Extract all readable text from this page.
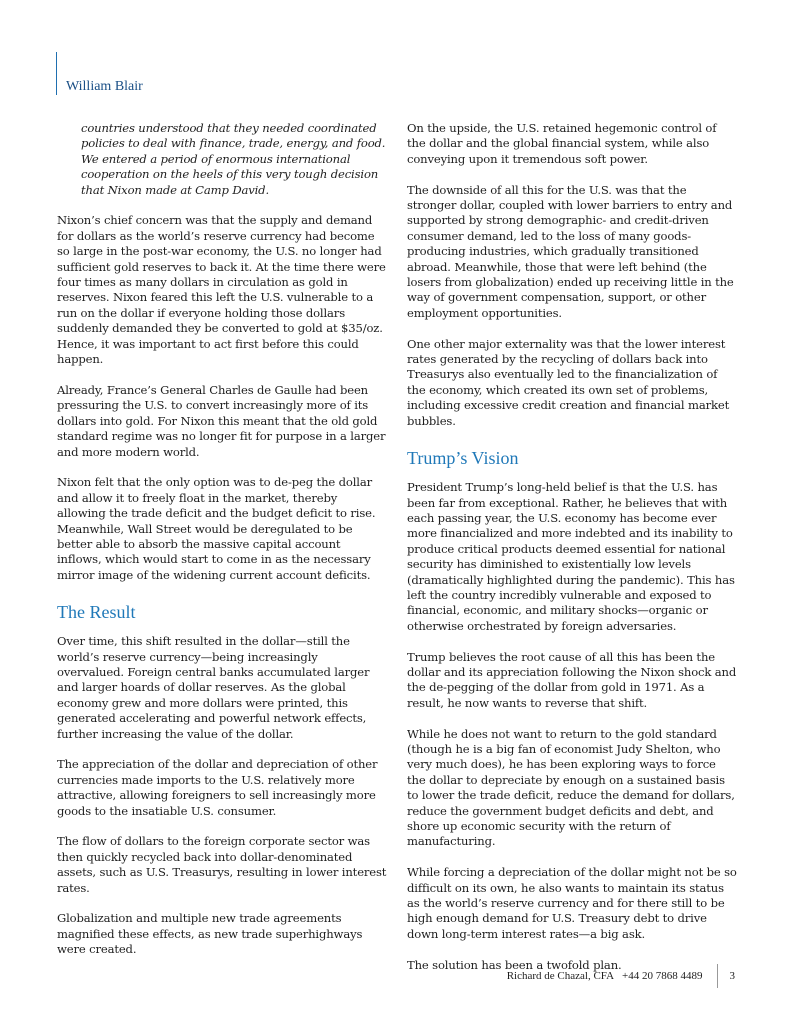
William Blair
countries understood that they needed coordinated policies to deal with finance, trade, energy, and food. We entered a period of enormous international cooperation on the heels of this very tough decision that Nixon made at Camp David.
Nixon’s chief concern was that the supply and demand for dollars as the world’s reserve currency had become so large in the post-war economy, the U.S. no longer had sufficient gold reserves to back it. At the time there were four times as many dollars in circulation as gold in reserves. Nixon feared this left the U.S. vulnerable to a run on the dollar if everyone holding those dollars suddenly demanded they be converted to gold at $35/oz. Hence, it was important to act first before this could happen.
Already, France’s General Charles de Gaulle had been pressuring the U.S. to convert increasingly more of its dollars into gold. For Nixon this meant that the old gold standard regime was no longer fit for purpose in a larger and more modern world.
Nixon felt that the only option was to de-peg the dollar and allow it to freely float in the market, thereby allowing the trade deficit and the budget deficit to rise. Meanwhile, Wall Street would be deregulated to be better able to absorb the massive capital account inflows, which would start to come in as the necessary mirror image of the widening current account deficits.
The Result
Over time, this shift resulted in the dollar—still the world’s reserve currency—being increasingly overvalued. Foreign central banks accumulated larger and larger hoards of dollar reserves. As the global economy grew and more dollars were printed, this generated accelerating and powerful network effects, further increasing the value of the dollar.
The appreciation of the dollar and depreciation of other currencies made imports to the U.S. relatively more attractive, allowing foreigners to sell increasingly more goods to the insatiable U.S. consumer.
The flow of dollars to the foreign corporate sector was then quickly recycled back into dollar-denominated assets, such as U.S. Treasurys, resulting in lower interest rates.
Globalization and multiple new trade agreements magnified these effects, as new trade superhighways were created.
On the upside, the U.S. retained hegemonic control of the dollar and the global financial system, while also conveying upon it tremendous soft power.
The downside of all this for the U.S. was that the stronger dollar, coupled with lower barriers to entry and supported by strong demographic- and credit-driven consumer demand, led to the loss of many goods-producing industries, which gradually transitioned abroad. Meanwhile, those that were left behind (the losers from globalization) ended up receiving little in the way of government compensation, support, or other employment opportunities.
One other major externality was that the lower interest rates generated by the recycling of dollars back into Treasurys also eventually led to the financialization of the economy, which created its own set of problems, including excessive credit creation and financial market bubbles.
Trump’s Vision
President Trump’s long-held belief is that the U.S. has been far from exceptional. Rather, he believes that with each passing year, the U.S. economy has become ever more financialized and more indebted and its inability to produce critical products deemed essential for national security has diminished to existentially low levels (dramatically highlighted during the pandemic). This has left the country incredibly vulnerable and exposed to financial, economic, and military shocks—organic or otherwise orchestrated by foreign adversaries.
Trump believes the root cause of all this has been the dollar and its appreciation following the Nixon shock and the de-pegging of the dollar from gold in 1971. As a result, he now wants to reverse that shift.
While he does not want to return to the gold standard (though he is a big fan of economist Judy Shelton, who very much does), he has been exploring ways to force the dollar to depreciate by enough on a sustained basis to lower the trade deficit, reduce the demand for dollars, reduce the government budget deficits and debt, and shore up economic security with the return of manufacturing.
While forcing a depreciation of the dollar might not be so difficult on its own, he also wants to maintain its status as the world’s reserve currency and for there still to be high enough demand for U.S. Treasury debt to drive down long-term interest rates—a big ask.
The solution has been a twofold plan.
Richard de Chazal, CFA +44 20 7868 4489 3
